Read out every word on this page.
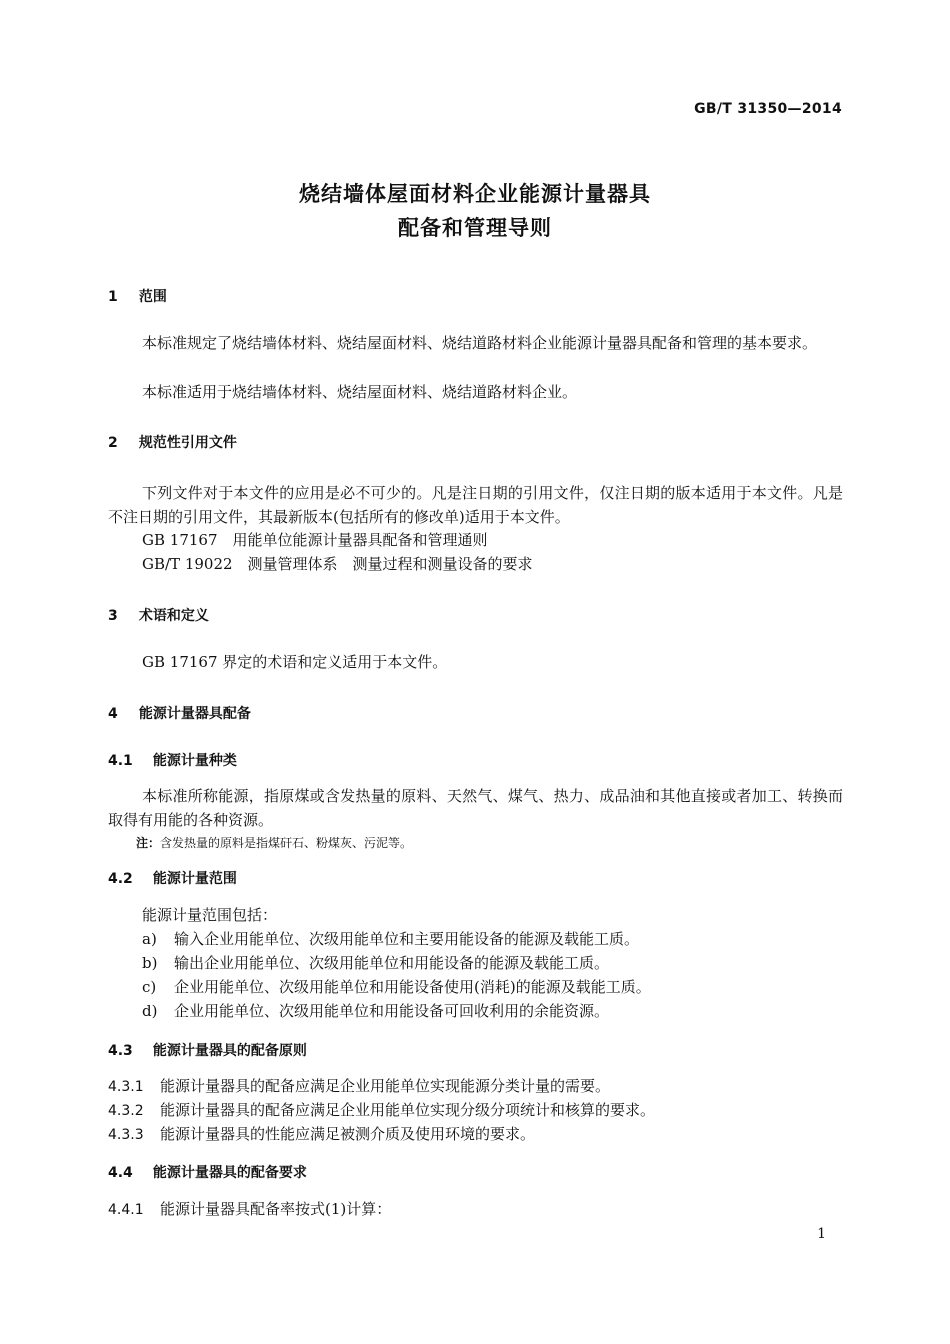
GB/T 31350—2014
烧结墙体屋面材料企业能源计量器具
配备和管理导则
1 范围
本标准规定了烧结墙体材料、烧结屋面材料、烧结道路材料企业能源计量器具配备和管理的基本要求。
本标准适用于烧结墙体材料、烧结屋面材料、烧结道路材料企业。
2 规范性引用文件
下列文件对于本文件的应用是必不可少的。凡是注日期的引用文件，仅注日期的版本适用于本文件。凡是不注日期的引用文件，其最新版本(包括所有的修改单)适用于本文件。
GB 17167　用能单位能源计量器具配备和管理通则
GB/T 19022　测量管理体系　测量过程和测量设备的要求
3 术语和定义
GB 17167 界定的术语和定义适用于本文件。
4 能源计量器具配备
4.1 能源计量种类
本标准所称能源，指原煤或含发热量的原料、天然气、煤气、热力、成品油和其他直接或者加工、转换而取得有用能的各种资源。
注：含发热量的原料是指煤矸石、粉煤灰、污泥等。
4.2 能源计量范围
能源计量范围包括：
a) 输入企业用能单位、次级用能单位和主要用能设备的能源及载能工质。
b) 输出企业用能单位、次级用能单位和用能设备的能源及载能工质。
c) 企业用能单位、次级用能单位和用能设备使用(消耗)的能源及载能工质。
d) 企业用能单位、次级用能单位和用能设备可回收利用的余能资源。
4.3 能源计量器具的配备原则
4.3.1 能源计量器具的配备应满足企业用能单位实现能源分类计量的需要。
4.3.2 能源计量器具的配备应满足企业用能单位实现分级分项统计和核算的要求。
4.3.3 能源计量器具的性能应满足被测介质及使用环境的要求。
4.4 能源计量器具的配备要求
4.4.1 能源计量器具配备率按式(1)计算：
1
